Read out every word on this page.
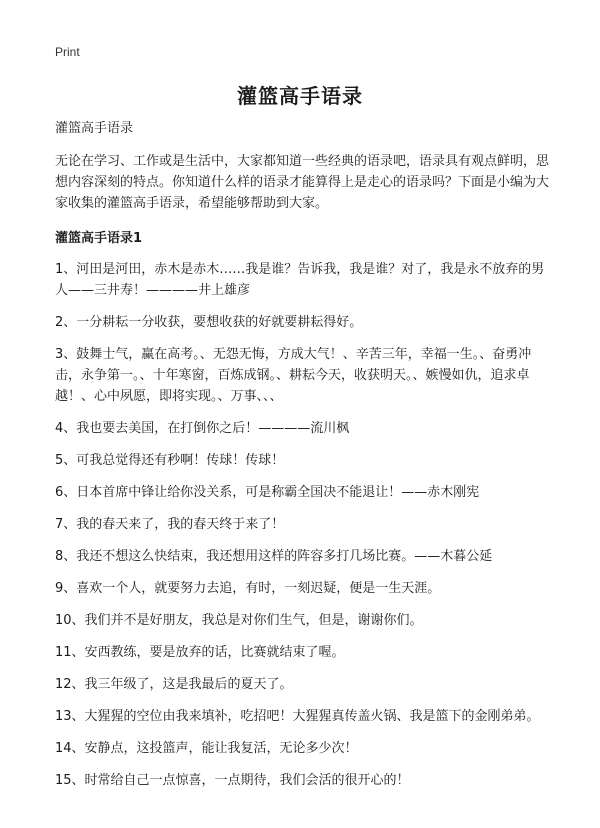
Print
灌篮高手语录

灌篮高手语录

无论在学习、工作或是生活中，大家都知道一些经典的语录吧，语录具有观点鲜明，思想内容深刻的特点。你知道什么样的语录才能算得上是走心的语录吗？下面是小编为大家收集的灌篮高手语录，希望能够帮助到大家。

灌篮高手语录1

1、河田是河田，赤木是赤木……我是谁？告诉我，我是谁？对了，我是永不放弃的男人——三井寿！————井上雄彦

2、一分耕耘一分收获，要想收获的好就要耕耘得好。

3、鼓舞士气，赢在高考。、无怨无悔，方成大气！、辛苦三年，幸福一生。、奋勇冲击，永争第一。、十年寒窗，百炼成钢。、耕耘今天，收获明天。、嫉慢如仇，追求卓越！、心中夙愿，即将实现。、万事、、、

4、我也要去美国，在打倒你之后！————流川枫

5、可我总觉得还有秒啊！传球！传球！

6、日本首席中锋让给你没关系，可是称霸全国决不能退让！——赤木刚宪

7、我的春天来了，我的春天终于来了！

8、我还不想这么快结束，我还想用这样的阵容多打几场比赛。——木暮公延

9、喜欢一个人，就要努力去追，有时，一刻迟疑，便是一生天涯。

10、我们并不是好朋友，我总是对你们生气，但是，谢谢你们。

11、安西教练，要是放弃的话，比赛就结束了喔。

12、我三年级了，这是我最后的夏天了。

13、大猩猩的空位由我来填补，吃招吧！大猩猩真传盖火锅、我是篮下的金刚弟弟。

14、安静点，这投篮声，能让我复活，无论多少次！

15、时常给自己一点惊喜，一点期待，我们会活的很开心的！
